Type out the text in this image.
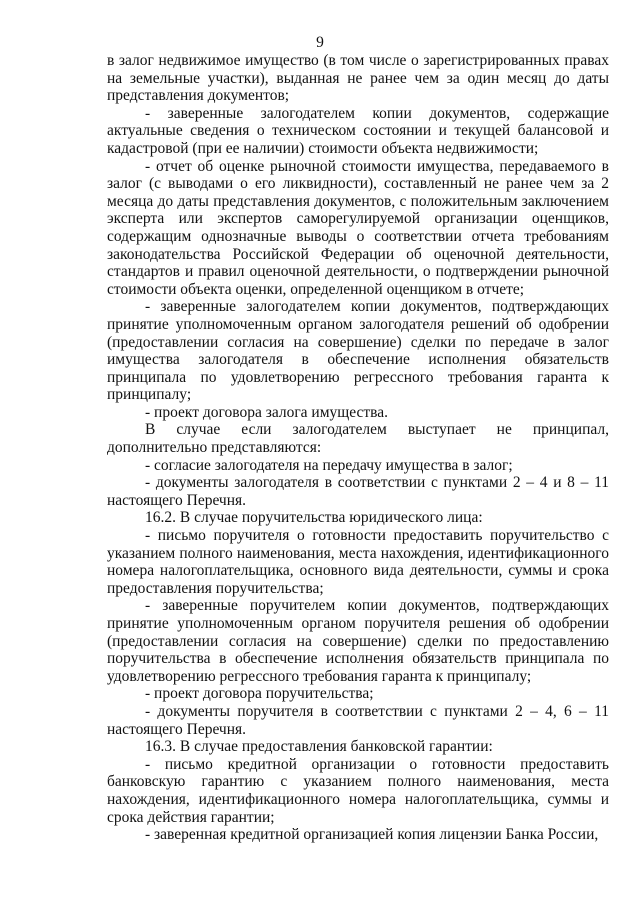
9

в залог недвижимое имущество (в том числе о зарегистрированных правах на земельные участки), выданная не ранее чем за один месяц до даты представления документов;

- заверенные залогодателем копии документов, содержащие актуальные сведения о техническом состоянии и текущей балансовой и кадастровой (при ее наличии) стоимости объекта недвижимости;

- отчет об оценке рыночной стоимости имущества, передаваемого в залог (с выводами о его ликвидности), составленный не ранее чем за 2 месяца до даты представления документов, с положительным заключением эксперта или экспертов саморегулируемой организации оценщиков, содержащим однозначные выводы о соответствии отчета требованиям законодательства Российской Федерации об оценочной деятельности, стандартов и правил оценочной деятельности, о подтверждении рыночной стоимости объекта оценки, определенной оценщиком в отчете;

- заверенные залогодателем копии документов, подтверждающих принятие уполномоченным органом залогодателя решений об одобрении (предоставлении согласия на совершение) сделки по передаче в залог имущества залогодателя в обеспечение исполнения обязательств принципала по удовлетворению регрессного требования гаранта к принципалу;

- проект договора залога имущества.

В случае если залогодателем выступает не принципал, дополнительно представляются:

- согласие залогодателя на передачу имущества в залог;

- документы залогодателя в соответствии с пунктами 2 – 4 и 8 – 11 настоящего Перечня.

16.2. В случае поручительства юридического лица:

- письмо поручителя о готовности предоставить поручительство с указанием полного наименования, места нахождения, идентификационного номера налогоплательщика, основного вида деятельности, суммы и срока предоставления поручительства;

- заверенные поручителем копии документов, подтверждающих принятие уполномоченным органом поручителя решения об одобрении (предоставлении согласия на совершение) сделки по предоставлению поручительства в обеспечение исполнения обязательств принципала по удовлетворению регрессного требования гаранта к принципалу;

- проект договора поручительства;

- документы поручителя в соответствии с пунктами 2 – 4, 6 – 11 настоящего Перечня.

16.3. В случае предоставления банковской гарантии:

- письмо кредитной организации о готовности предоставить банковскую гарантию с указанием полного наименования, места нахождения, идентификационного номера налогоплательщика, суммы и срока действия гарантии;

- заверенная кредитной организацией копия лицензии Банка России,
